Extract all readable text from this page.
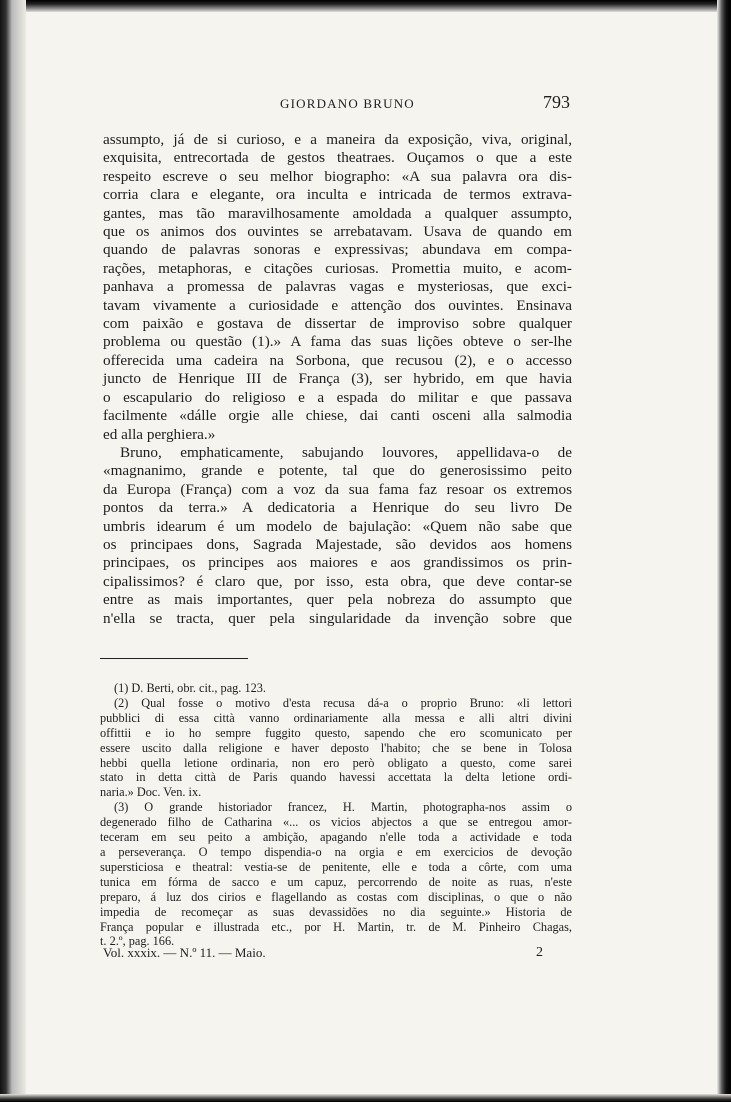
GIORDANO BRUNO	793
assumpto, já de si curioso, e a maneira da exposição, viva, original,
exquisita, entrecortada de gestos theatraes. Ouçamos o que a este
respeito escreve o seu melhor biographo: «A sua palavra ora dis-
corria clara e elegante, ora inculta e intricada de termos extrava-
gantes, mas tão maravilhosamente amoldada a qualquer assumpto,
que os animos dos ouvintes se arrebatavam. Usava de quando em
quando de palavras sonoras e expressivas; abundava em compa-
rações, metaphoras, e citações curiosas. Promettia muito, e acom-
panhava a promessa de palavras vagas e mysteriosas, que exci-
tavam vivamente a curiosidade e attenção dos ouvintes. Ensinava
com paixão e gostava de dissertar de improviso sobre qualquer
problema ou questão (1).» A fama das suas lições obteve o ser-lhe
offerecida uma cadeira na Sorbona, que recusou (2), e o accesso
juncto de Henrique III de França (3), ser hybrido, em que havia
o escapulario do religioso e a espada do militar e que passava
facilmente «dálle orgie alle chiese, dai canti osceni alla salmodia
ed alla perghiera.»
Bruno, emphaticamente, sabujando louvores, appellidava-o de
«magnanimo, grande e potente, tal que do generosissimo peito
da Europa (França) com a voz da sua fama faz resoar os extremos
pontos da terra.» A dedicatoria a Henrique do seu livro De
umbris idearum é um modelo de bajulação: «Quem não sabe que
os principaes dons, Sagrada Majestade, são devidos aos homens
principaes, os principes aos maiores e aos grandissimos os prin-
cipalissimos? é claro que, por isso, esta obra, que deve contar-se
entre as mais importantes, quer pela nobreza do assumpto que
n'ella se tracta, quer pela singularidade da invenção sobre que
(1) D. Berti, obr. cit., pag. 123.
(2) Qual fosse o motivo d'esta recusa dá-a o proprio Bruno: «li lettori
pubblici di essa città vanno ordinariamente alla messa e alli altri divini
offittii e io ho sempre fuggito questo, sapendo che ero scomunicato per
essere uscito dalla religione e haver deposto l'habito; che se bene in Tolosa
hebbi quella letione ordinaria, non ero però obligato a questo, come sarei
stato in detta città de Paris quando havessi accettata la delta letione ordi-
naria.» Doc. Ven. ix.
(3) O grande historiador francez, H. Martin, photographa-nos assim o
degenerado filho de Catharina «... os vicios abjectos a que se entregou amor-
teceram em seu peito a ambição, apagando n'elle toda a actividade e toda
a perseverança. O tempo dispendia-o na orgia e em exercicios de devoção
supersticiosa e theatral: vestia-se de penitente, elle e toda a côrte, com uma
tunica em fórma de sacco e um capuz, percorrendo de noite as ruas, n'este
preparo, á luz dos cirios e flagellando as costas com disciplinas, o que o não
impedia de recomeçar as suas devassidões no dia seguinte.» Historia de
França popular e illustrada etc., por H. Martin, tr. de M. Pinheiro Chagas,
t. 2.º, pag. 166.
Vol. xxxix. — N.º 11. — Maio.	2
